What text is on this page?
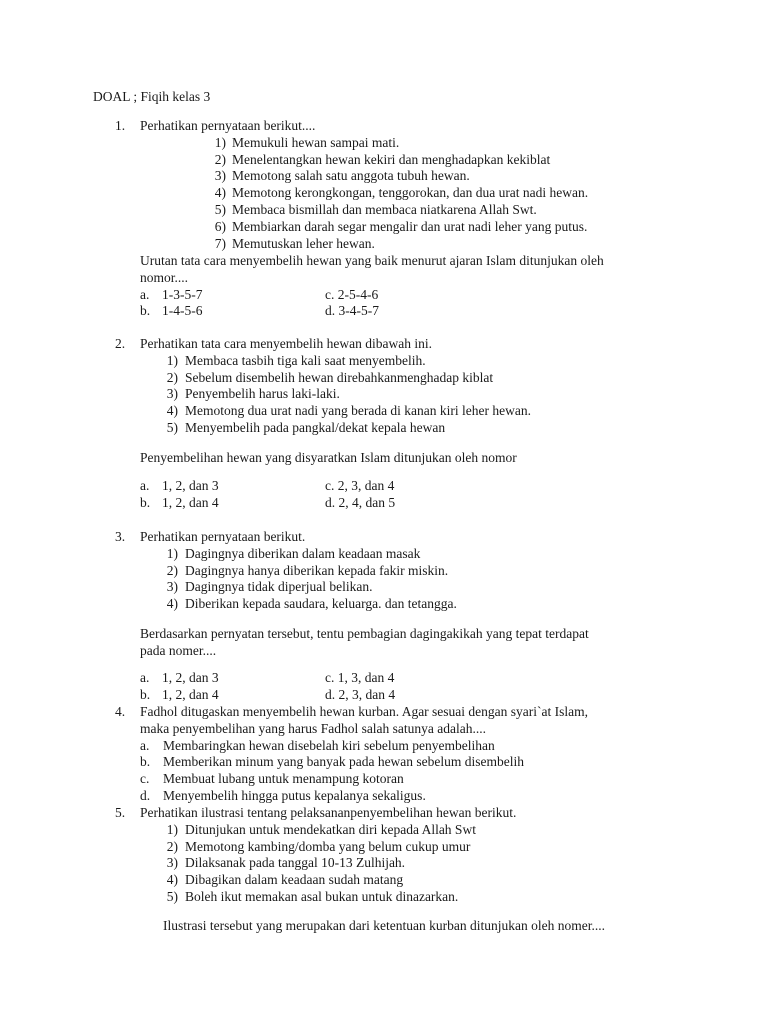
DOAL ; Fiqih kelas 3
1. Perhatikan pernyataan berikut....
1) Memukuli hewan sampai mati.
2) Menelentangkan hewan kekiri dan menghadapkan kekiblat
3) Memotong salah satu anggota tubuh hewan.
4) Memotong kerongkongan, tenggorokan, dan dua urat nadi hewan.
5) Membaca bismillah dan membaca niatkarena Allah Swt.
6) Membiarkan darah segar mengalir dan urat nadi leher yang putus.
7) Memutuskan leher hewan.
Urutan tata cara menyembelih hewan yang baik menurut ajaran Islam ditunjukan oleh
nomor....
a. 1-3-5-7	c. 2-5-4-6
b. 1-4-5-6	d. 3-4-5-7
2. Perhatikan tata cara menyembelih hewan dibawah ini.
1) Membaca tasbih tiga kali saat menyembelih.
2) Sebelum disembelih hewan direbahkanmenghadap kiblat
3) Penyembelih harus laki-laki.
4) Memotong dua urat nadi yang berada di kanan kiri leher hewan.
5) Menyembelih pada pangkal/dekat kepala hewan
Penyembelihan hewan yang disyaratkan Islam ditunjukan oleh nomor
a. 1, 2, dan 3	c. 2, 3, dan 4
b. 1, 2, dan 4	d. 2, 4, dan 5
3. Perhatikan pernyataan berikut.
1) Dagingnya diberikan dalam keadaan masak
2) Dagingnya hanya diberikan kepada fakir miskin.
3) Dagingnya tidak diperjual belikan.
4) Diberikan kepada saudara, keluarga. dan tetangga.
Berdasarkan pernyatan tersebut, tentu pembagian dagingakikah yang tepat terdapat
pada nomer....
a. 1, 2, dan 3	c. 1, 3, dan 4
b. 1, 2, dan 4	d. 2, 3, dan 4
4. Fadhol ditugaskan menyembelih hewan kurban. Agar sesuai dengan syari`at Islam,
maka penyembelihan yang harus Fadhol salah satunya adalah....
a. Membaringkan hewan disebelah kiri sebelum penyembelihan
b. Memberikan minum yang banyak pada hewan sebelum disembelih
c. Membuat lubang untuk menampung kotoran
d. Menyembelih hingga putus kepalanya sekaligus.
5. Perhatikan ilustrasi tentang pelaksananpenyembelihan hewan berikut.
1) Ditunjukan untuk mendekatkan diri kepada Allah Swt
2) Memotong kambing/domba yang belum cukup umur
3) Dilaksanak pada tanggal 10-13 Zulhijah.
4) Dibagikan dalam keadaan sudah matang
5) Boleh ikut memakan asal bukan untuk dinazarkan.
Ilustrasi tersebut yang merupakan dari ketentuan kurban ditunjukan oleh nomer....
